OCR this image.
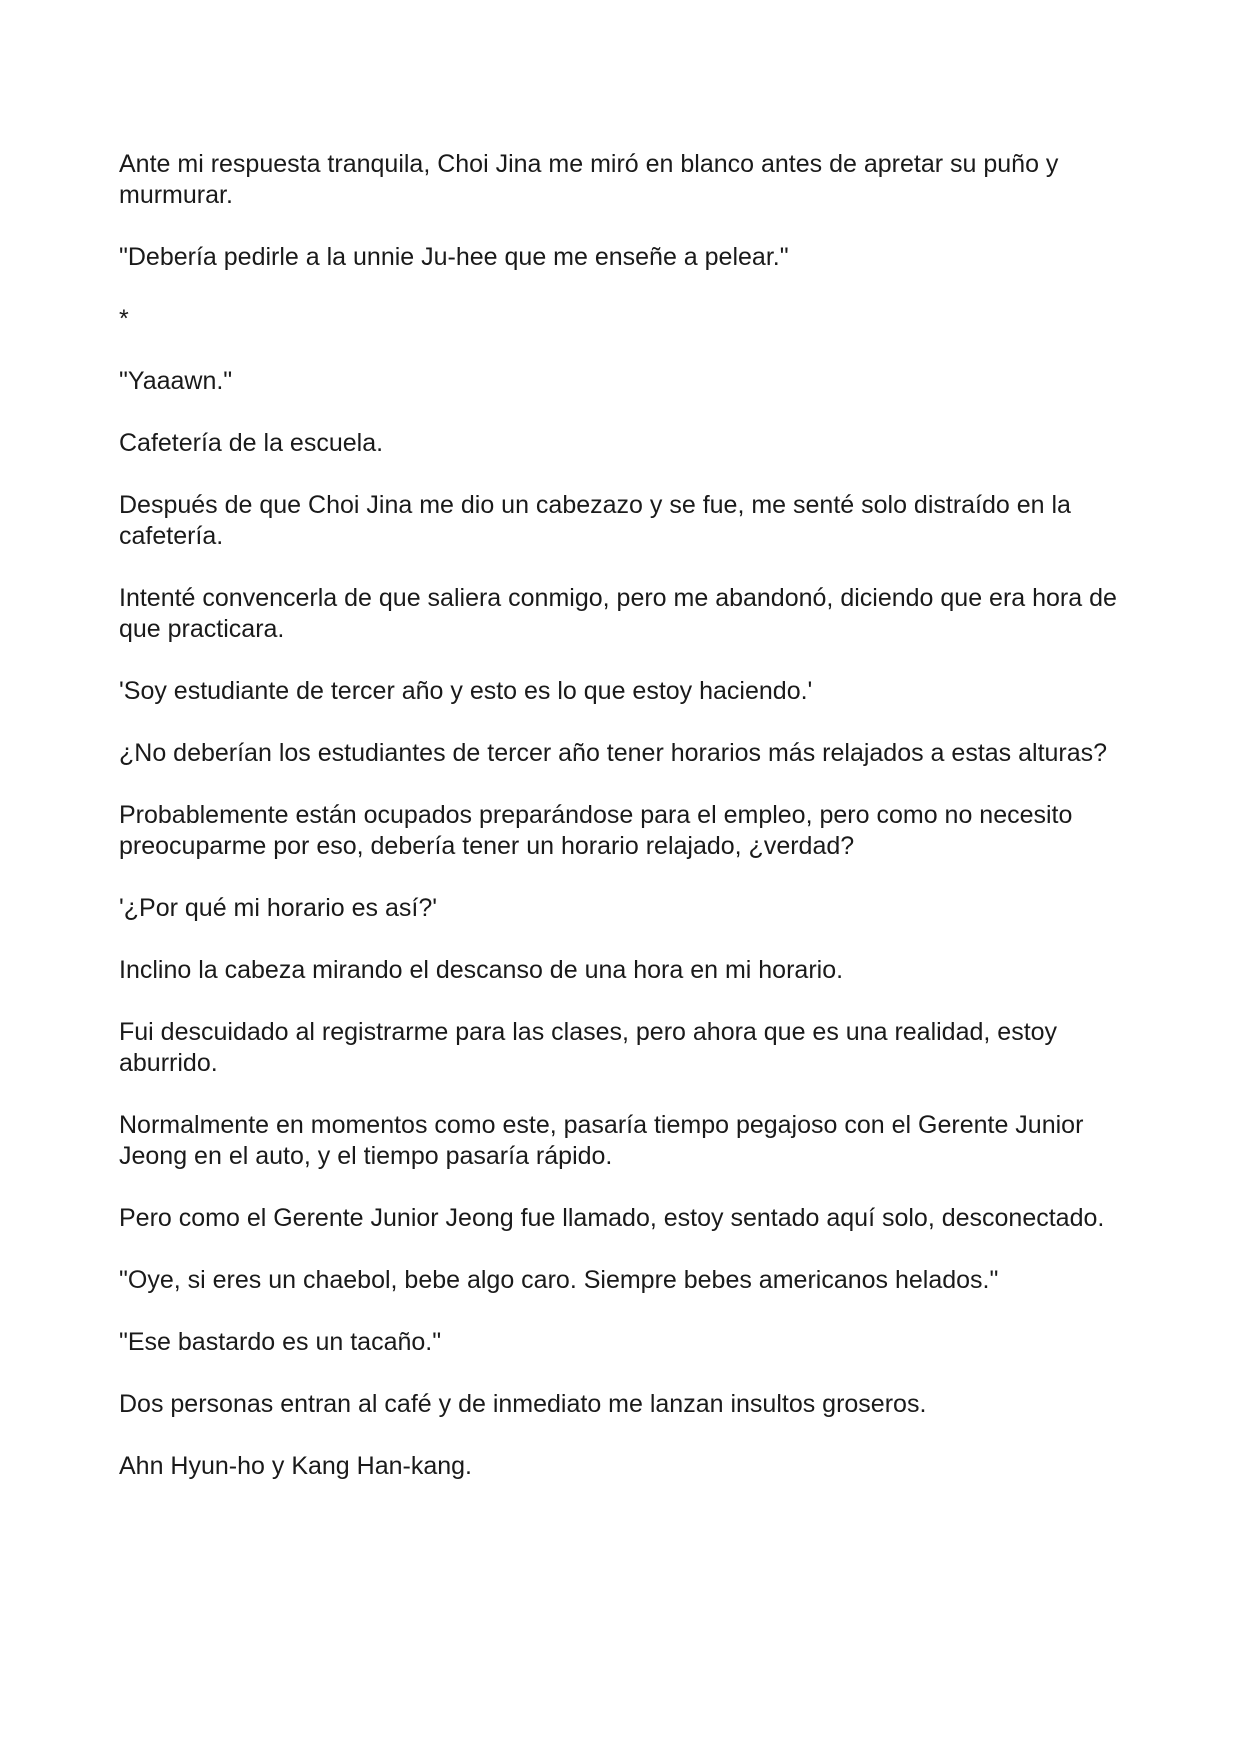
Ante mi respuesta tranquila, Choi Jina me miró en blanco antes de apretar su puño y murmurar.

"Debería pedirle a la unnie Ju-hee que me enseñe a pelear."

*

"Yaaawn."

Cafetería de la escuela.

Después de que Choi Jina me dio un cabezazo y se fue, me senté solo distraído en la cafetería.

Intenté convencerla de que saliera conmigo, pero me abandonó, diciendo que era hora de que practicara.

'Soy estudiante de tercer año y esto es lo que estoy haciendo.'

¿No deberían los estudiantes de tercer año tener horarios más relajados a estas alturas?

Probablemente están ocupados preparándose para el empleo, pero como no necesito preocuparme por eso, debería tener un horario relajado, ¿verdad?

'¿Por qué mi horario es así?'

Inclino la cabeza mirando el descanso de una hora en mi horario.

Fui descuidado al registrarme para las clases, pero ahora que es una realidad, estoy aburrido.

Normalmente en momentos como este, pasaría tiempo pegajoso con el Gerente Junior Jeong en el auto, y el tiempo pasaría rápido.

Pero como el Gerente Junior Jeong fue llamado, estoy sentado aquí solo, desconectado.

"Oye, si eres un chaebol, bebe algo caro. Siempre bebes americanos helados."

"Ese bastardo es un tacaño."

Dos personas entran al café y de inmediato me lanzan insultos groseros.

Ahn Hyun-ho y Kang Han-kang.
